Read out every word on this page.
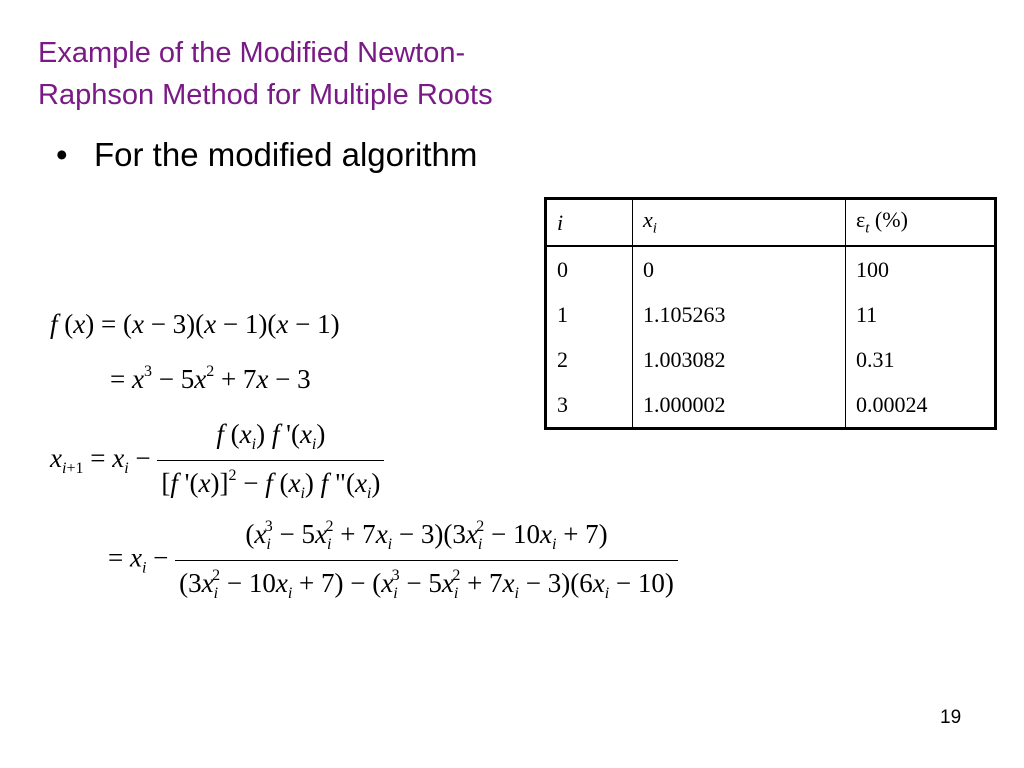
Example of the Modified Newton-
Raphson Method for Multiple Roots
• For the modified algorithm
i	$x_i$	$\varepsilon_t$ (%)
0	0	100
1	1.105263	11
2	1.003082	0.31
3	1.000002	0.00024
f (x) = (x − 3)(x − 1)(x − 1)
= $x^3 - 5x^2 + 7x - 3$
$x_{i+1} = x_i - \frac{f (x_i) f '(x_i)}{[f '(x)]^2 - f (x_i) f "(x_i)}$
= $x_i - \frac{(x_i^3 - 5x_i^2 + 7x_i - 3)(3x_i^2 - 10x_i + 7)}{(3x_i^2 - 10x_i + 7) - (x_i^3 - 5x_i^2 + 7x_i - 3)(6x_i - 10)}$
19
